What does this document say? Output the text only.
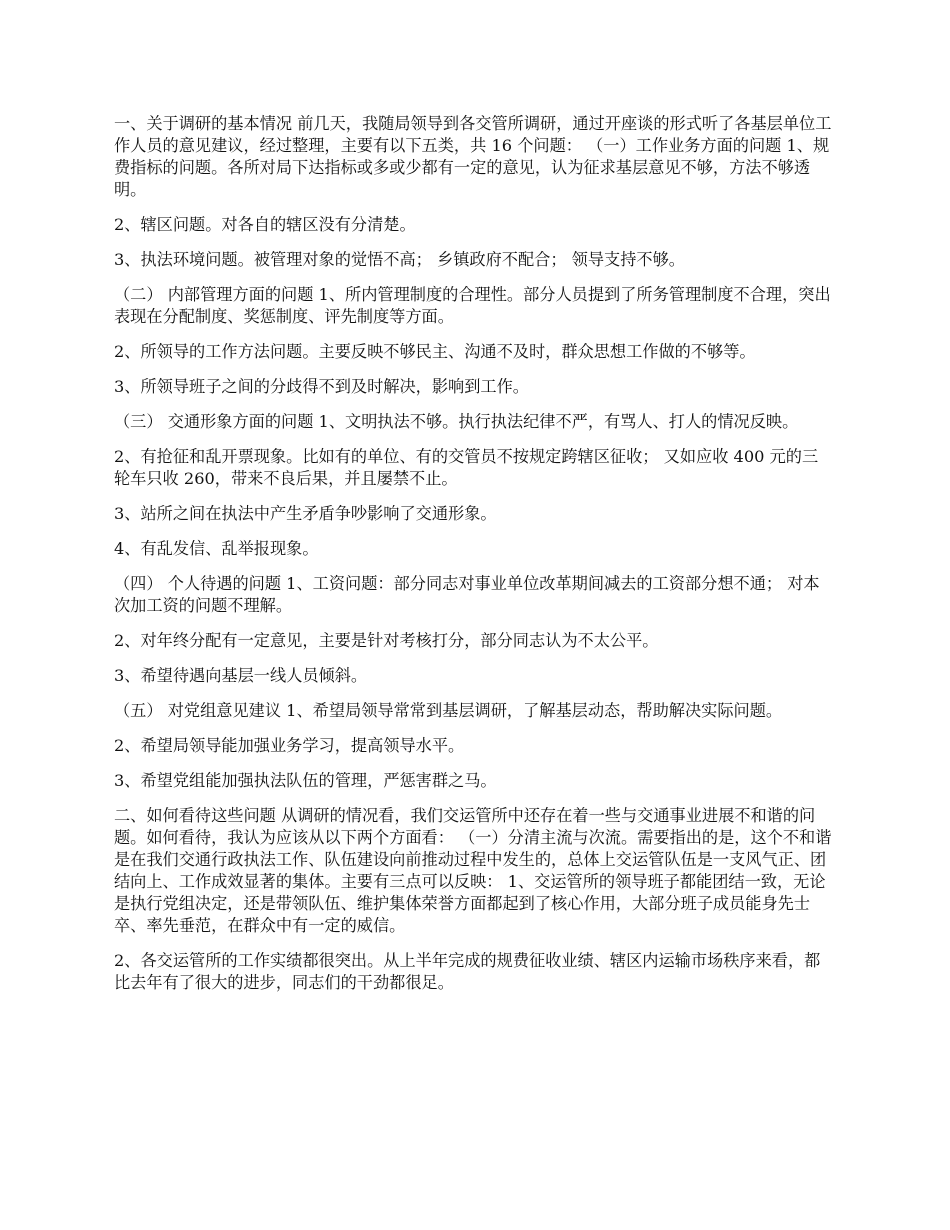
一、关于调研的基本情况 前几天，我随局领导到各交管所调研，通过开座谈的形式听了各基层单位工作人员的意见建议，经过整理，主要有以下五类，共 16 个问题： （一）工作业务方面的问题 1、规费指标的问题。各所对局下达指标或多或少都有一定的意见，认为征求基层意见不够，方法不够透明。

2、辖区问题。对各自的辖区没有分清楚。

3、执法环境问题。被管理对象的觉悟不高； 乡镇政府不配合； 领导支持不够。

（二） 内部管理方面的问题 1、所内管理制度的合理性。部分人员提到了所务管理制度不合理，突出表现在分配制度、奖惩制度、评先制度等方面。

2、所领导的工作方法问题。主要反映不够民主、沟通不及时，群众思想工作做的不够等。

3、所领导班子之间的分歧得不到及时解决，影响到工作。

（三） 交通形象方面的问题 1、文明执法不够。执行执法纪律不严，有骂人、打人的情况反映。

2、有抢征和乱开票现象。比如有的单位、有的交管员不按规定跨辖区征收； 又如应收 400 元的三轮车只收 260，带来不良后果，并且屡禁不止。

3、站所之间在执法中产生矛盾争吵影响了交通形象。

4、有乱发信、乱举报现象。

（四） 个人待遇的问题 1、工资问题：部分同志对事业单位改革期间减去的工资部分想不通； 对本次加工资的问题不理解。

2、对年终分配有一定意见，主要是针对考核打分，部分同志认为不太公平。

3、希望待遇向基层一线人员倾斜。

（五） 对党组意见建议 1、希望局领导常常到基层调研，了解基层动态，帮助解决实际问题。

2、希望局领导能加强业务学习，提高领导水平。

3、希望党组能加强执法队伍的管理，严惩害群之马。

二、如何看待这些问题 从调研的情况看，我们交运管所中还存在着一些与交通事业进展不和谐的问题。如何看待，我认为应该从以下两个方面看： （一）分清主流与次流。需要指出的是，这个不和谐是在我们交通行政执法工作、队伍建设向前推动过程中发生的，总体上交运管队伍是一支风气正、团结向上、工作成效显著的集体。主要有三点可以反映： 1、交运管所的领导班子都能团结一致，无论是执行党组决定，还是带领队伍、维护集体荣誉方面都起到了核心作用，大部分班子成员能身先士卒、率先垂范，在群众中有一定的威信。

2、各交运管所的工作实绩都很突出。从上半年完成的规费征收业绩、辖区内运输市场秩序来看，都比去年有了很大的进步，同志们的干劲都很足。
